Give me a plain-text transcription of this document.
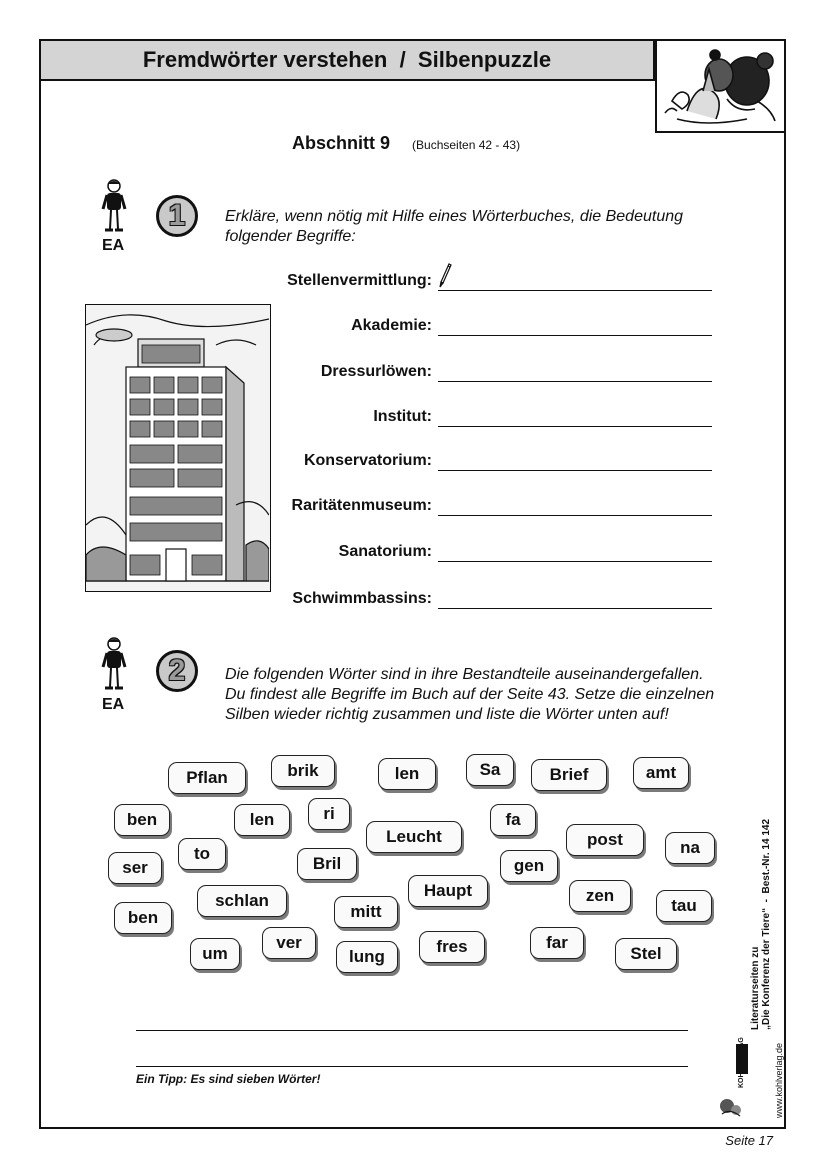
Fremdwörter verstehen  /  Silbenpuzzle
Abschnitt 9 (Buchseiten 42 - 43)
EA
1	Erkläre, wenn nötig mit Hilfe eines Wörterbuches, die Bedeutung
folgender Begriffe:
Stellenvermittlung:
Akademie:
Dressurlöwen:
Institut:
Konservatorium:
Raritätenmuseum:
Sanatorium:
Schwimmbassins:
EA
2	Die folgenden Wörter sind in ihre Bestandteile auseinandergefallen.
Du findest alle Begriffe im Buch auf der Seite 43. Setze die einzelnen
Silben wieder richtig zusammen und liste die Wörter unten auf!
Pflan	brik	len	Sa	Brief	amt
ben	len	ri
Leucht
fa
post	na
ser
to
Bril	gen
schlan
mitt
Haupt	zen
tau
ben
um
ver
lung
fres	far
Stel
Ein Tipp: Es sind sieben Wörter!
Literaturseiten zu „Die Konferenz der Tiere“  -  Best.-Nr. 14 142
KOHL VERLAG	www.kohlverlag.de
Seite 17
